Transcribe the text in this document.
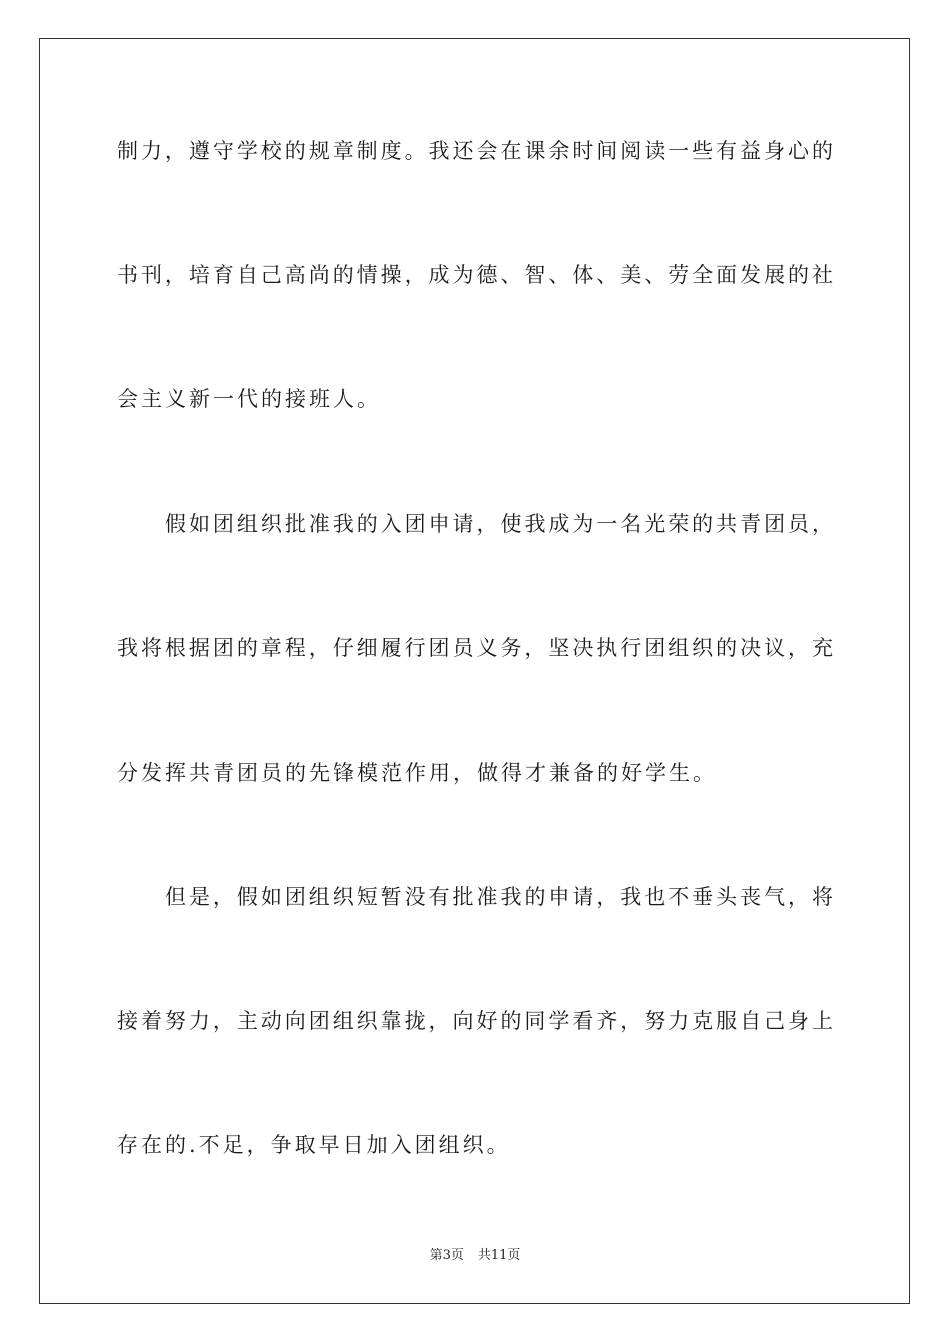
制力，遵守学校的规章制度。我还会在课余时间阅读一些有益身心的
书刊，培育自己高尚的情操，成为德、智、体、美、劳全面发展的社
会主义新一代的接班人。
假如团组织批准我的入团申请，使我成为一名光荣的共青团员，
我将根据团的章程，仔细履行团员义务，坚决执行团组织的决议，充
分发挥共青团员的先锋模范作用，做得才兼备的好学生。
但是，假如团组织短暂没有批准我的申请，我也不垂头丧气，将
接着努力，主动向团组织靠拢，向好的同学看齐，努力克服自己身上
存在的.不足，争取早日加入团组织。
第3页 共11页
